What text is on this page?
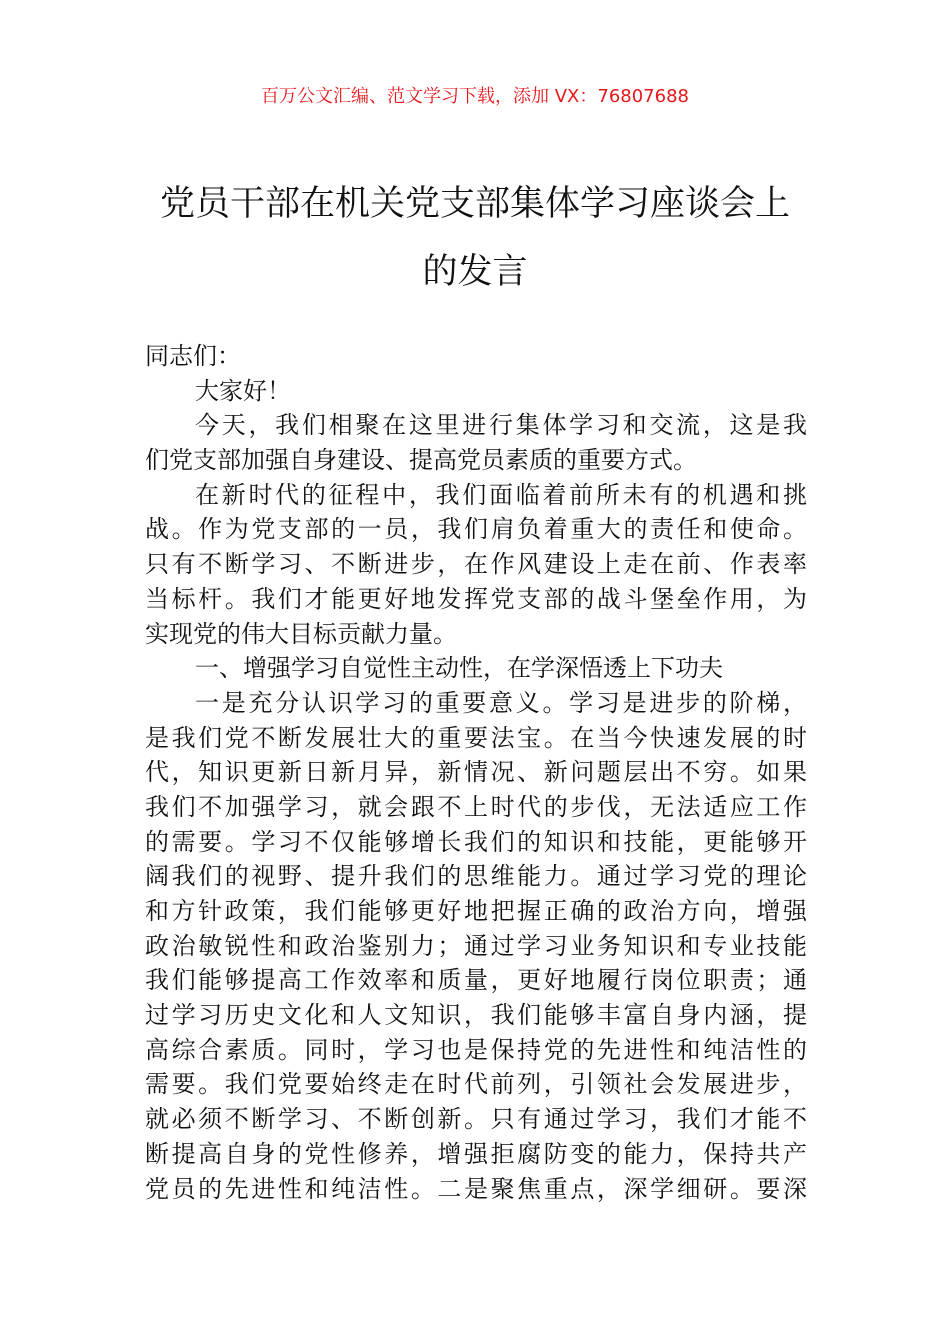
百万公文汇编、范文学习下载，添加 VX：76807688
党员干部在机关党支部集体学习座谈会上
的发言
同志们：
大家好！
今天，我们相聚在这里进行集体学习和交流，这是我
们党支部加强自身建设、提高党员素质的重要方式。
在新时代的征程中，我们面临着前所未有的机遇和挑
战。作为党支部的一员，我们肩负着重大的责任和使命。
只有不断学习、不断进步，在作风建设上走在前、作表率
当标杆。我们才能更好地发挥党支部的战斗堡垒作用，为
实现党的伟大目标贡献力量。
一、增强学习自觉性主动性，在学深悟透上下功夫
一是充分认识学习的重要意义。学习是进步的阶梯，
是我们党不断发展壮大的重要法宝。在当今快速发展的时
代，知识更新日新月异，新情况、新问题层出不穷。如果
我们不加强学习，就会跟不上时代的步伐，无法适应工作
的需要。学习不仅能够增长我们的知识和技能，更能够开
阔我们的视野、提升我们的思维能力。通过学习党的理论
和方针政策，我们能够更好地把握正确的政治方向，增强
政治敏锐性和政治鉴别力；通过学习业务知识和专业技能
我们能够提高工作效率和质量，更好地履行岗位职责；通
过学习历史文化和人文知识，我们能够丰富自身内涵，提
高综合素质。同时，学习也是保持党的先进性和纯洁性的
需要。我们党要始终走在时代前列，引领社会发展进步，
就必须不断学习、不断创新。只有通过学习，我们才能不
断提高自身的党性修养，增强拒腐防变的能力，保持共产
党员的先进性和纯洁性。二是聚焦重点，深学细研。要深
